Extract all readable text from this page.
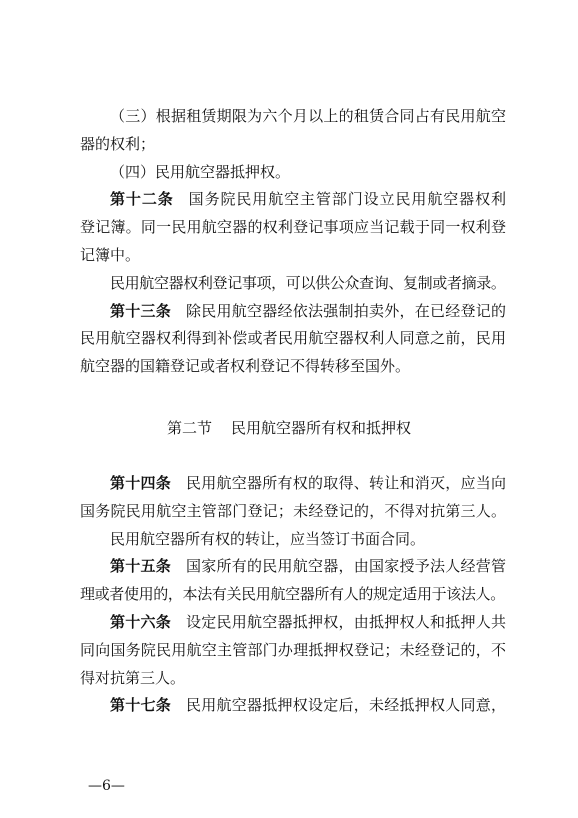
（三）根据租赁期限为六个月以上的租赁合同占有民用航空
器的权利；
（四）民用航空器抵押权。
第十二条 国务院民用航空主管部门设立民用航空器权利
登记簿。同一民用航空器的权利登记事项应当记载于同一权利登
记簿中。
民用航空器权利登记事项，可以供公众查询、复制或者摘录。
第十三条 除民用航空器经依法强制拍卖外，在已经登记的
民用航空器权利得到补偿或者民用航空器权利人同意之前，民用
航空器的国籍登记或者权利登记不得转移至国外。
第二节 民用航空器所有权和抵押权
第十四条 民用航空器所有权的取得、转让和消灭，应当向
国务院民用航空主管部门登记；未经登记的，不得对抗第三人。
民用航空器所有权的转让，应当签订书面合同。
第十五条 国家所有的民用航空器，由国家授予法人经营管
理或者使用的，本法有关民用航空器所有人的规定适用于该法人。
第十六条 设定民用航空器抵押权，由抵押权人和抵押人共
同向国务院民用航空主管部门办理抵押权登记；未经登记的，不
得对抗第三人。
第十七条 民用航空器抵押权设定后，未经抵押权人同意，
—6—
